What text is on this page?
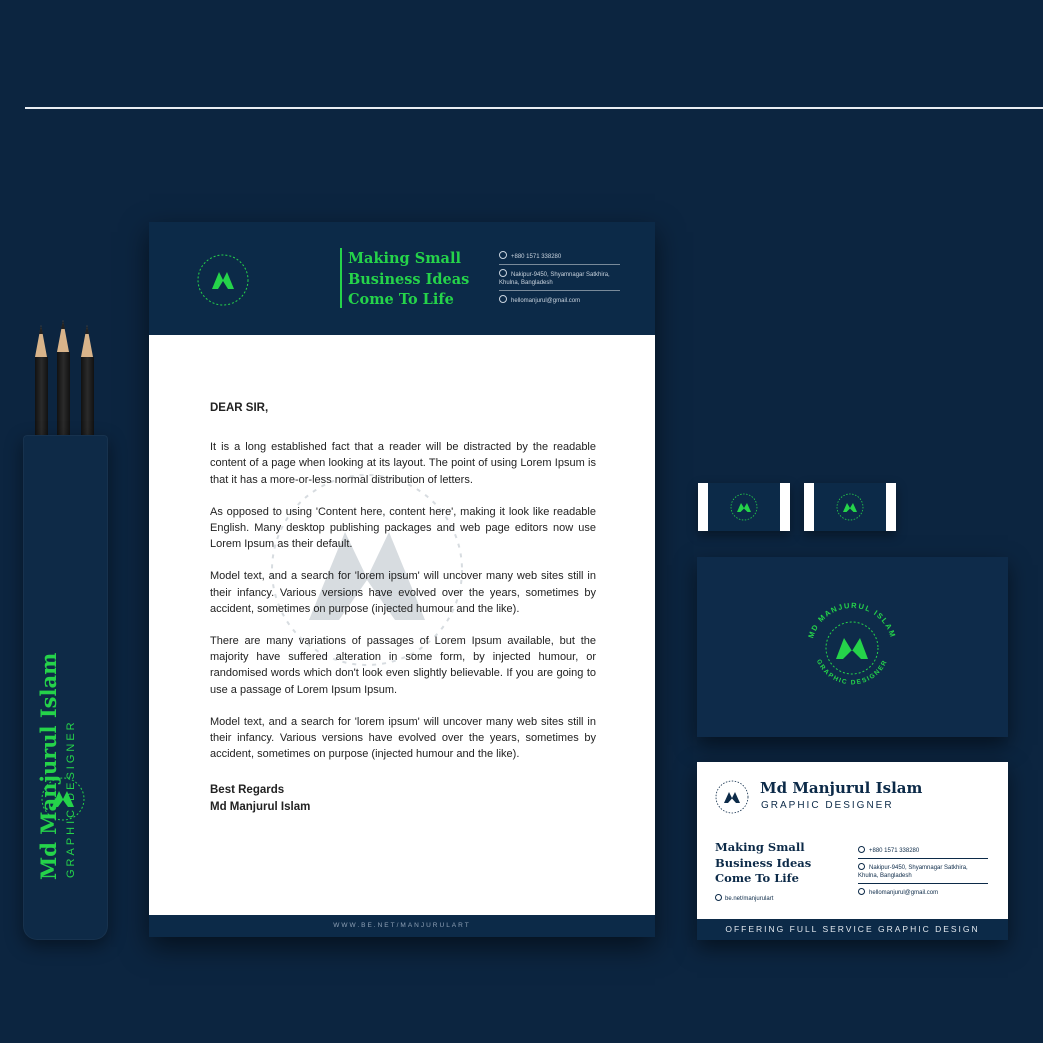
Md Manjurul Islam GRAPHIC DESIGNER
Making Small
Business Ideas
Come To Life
+880 1571 338280
Nakipur-9450, Shyamnagar Satkhira, Khulna, Bangladesh
hellomanjurul@gmail.com
DEAR SIR,

It is a long established fact that a reader will be distracted by the readable content of a page when looking at its layout. The point of using Lorem Ipsum is that it has a more-or-less normal distribution of letters.

As opposed to using 'Content here, content here', making it look like readable English. Many desktop publishing packages and web page editors now use Lorem Ipsum as their default.

Model text, and a search for 'lorem ipsum' will uncover many web sites still in their infancy. Various versions have evolved over the years, sometimes by accident, sometimes on purpose (injected humour and the like).

There are many variations of passages of Lorem Ipsum available, but the majority have suffered alteration in some form, by injected humour, or randomised words which don't look even slightly believable. If you are going to use a passage of Lorem Ipsum Ipsum.

Model text, and a search for 'lorem ipsum' will uncover many web sites still in their infancy. Various versions have evolved over the years, sometimes by accident, sometimes on purpose (injected humour and the like).

Best Regards
Md Manjurul Islam
WWW.BE.NET/MANJURULART
MD MANJURUL ISLAM
GRAPHIC DESIGNER
Md Manjurul Islam
GRAPHIC DESIGNER
Making Small
Business Ideas
Come To Life
be.net/manjurulart
+880 1571 338280
Nakipur-9450, Shyamnagar Satkhira, Khulna, Bangladesh
hellomanjurul@gmail.com
OFFERING FULL SERVICE GRAPHIC DESIGN
